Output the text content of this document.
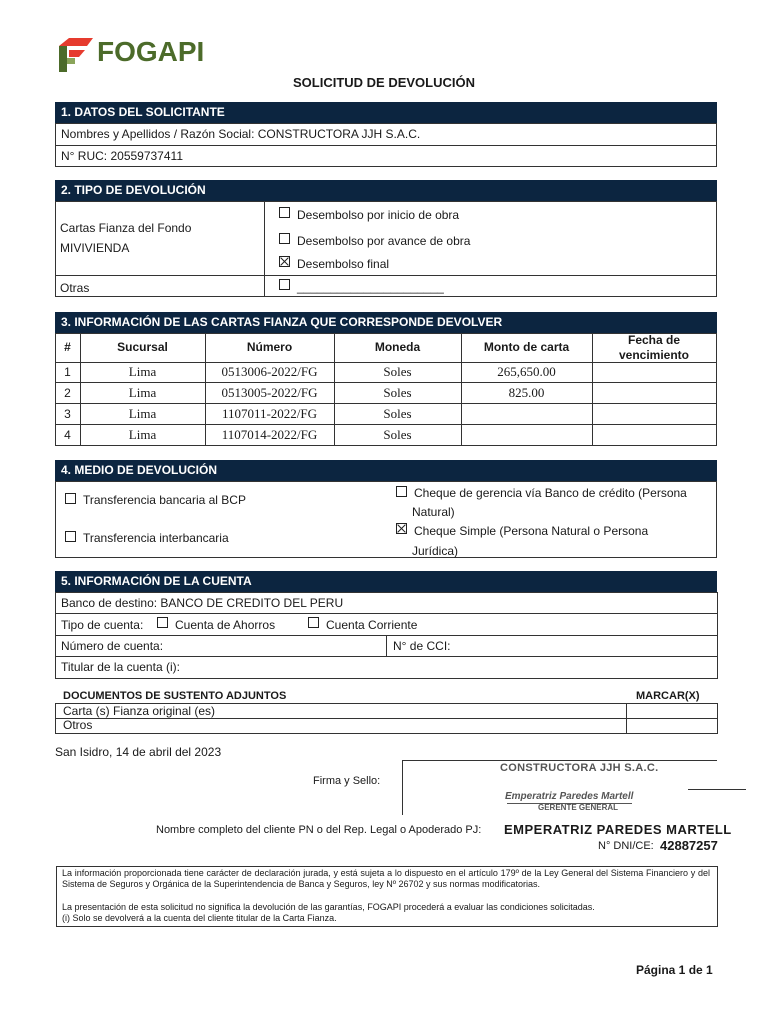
FOGAPI
SOLICITUD DE DEVOLUCIÓN
1. DATOS DEL SOLICITANTE
Nombres y Apellidos / Razón Social: CONSTRUCTORA JJH S.A.C.
N° RUC: 20559737411
2. TIPO DE DEVOLUCIÓN
Cartas Fianza del Fondo
MIVIVIENDA
Desembolso por inicio de obra
Desembolso por avance de obra
Desembolso final
Otras	______________________
3. INFORMACIÓN DE LAS CARTAS FIANZA QUE CORRESPONDE DEVOLVER
#	Sucursal	Número	Moneda	Monto de carta	Fecha de vencimiento
1	Lima	0513006-2022/FG	Soles	265,650.00
2	Lima	0513005-2022/FG	Soles	825.00
3	Lima	1107011-2022/FG	Soles
4	Lima	1107014-2022/FG	Soles
4. MEDIO DE DEVOLUCIÓN
Transferencia bancaria al BCP
Transferencia interbancaria
Cheque de gerencia vía Banco de crédito (Persona
Natural)
Cheque Simple (Persona Natural o Persona
Jurídica)
5. INFORMACIÓN DE LA CUENTA
Banco de destino: BANCO DE CREDITO DEL PERU
Tipo de cuenta:	Cuenta de Ahorros	Cuenta Corriente
Número de cuenta:	N° de CCI:
Titular de la cuenta (i):
DOCUMENTOS DE SUSTENTO ADJUNTOS	MARCAR(X)
Carta (s) Fianza original (es)
Otros
San Isidro, 14 de abril del 2023
Firma y Sello:
CONSTRUCTORA JJH S.A.C.
Emperatriz Paredes Martell
GERENTE GENERAL
Nombre completo del cliente PN o del Rep. Legal o Apoderado PJ: EMPERATRIZ PAREDES MARTELL
N° DNI/CE: 42887257
La información proporcionada tiene carácter de declaración jurada, y está sujeta a lo dispuesto en el artículo 179º de la Ley General del Sistema Financiero y del Sistema de Seguros y Orgánica de la Superintendencia de Banca y Seguros, ley Nº 26702 y sus normas modificatorias.
La presentación de esta solicitud no significa la devolución de las garantías, FOGAPI procederá a evaluar las condiciones solicitadas.
(i) Solo se devolverá a la cuenta del cliente titular de la Carta Fianza.
Página 1 de 1
